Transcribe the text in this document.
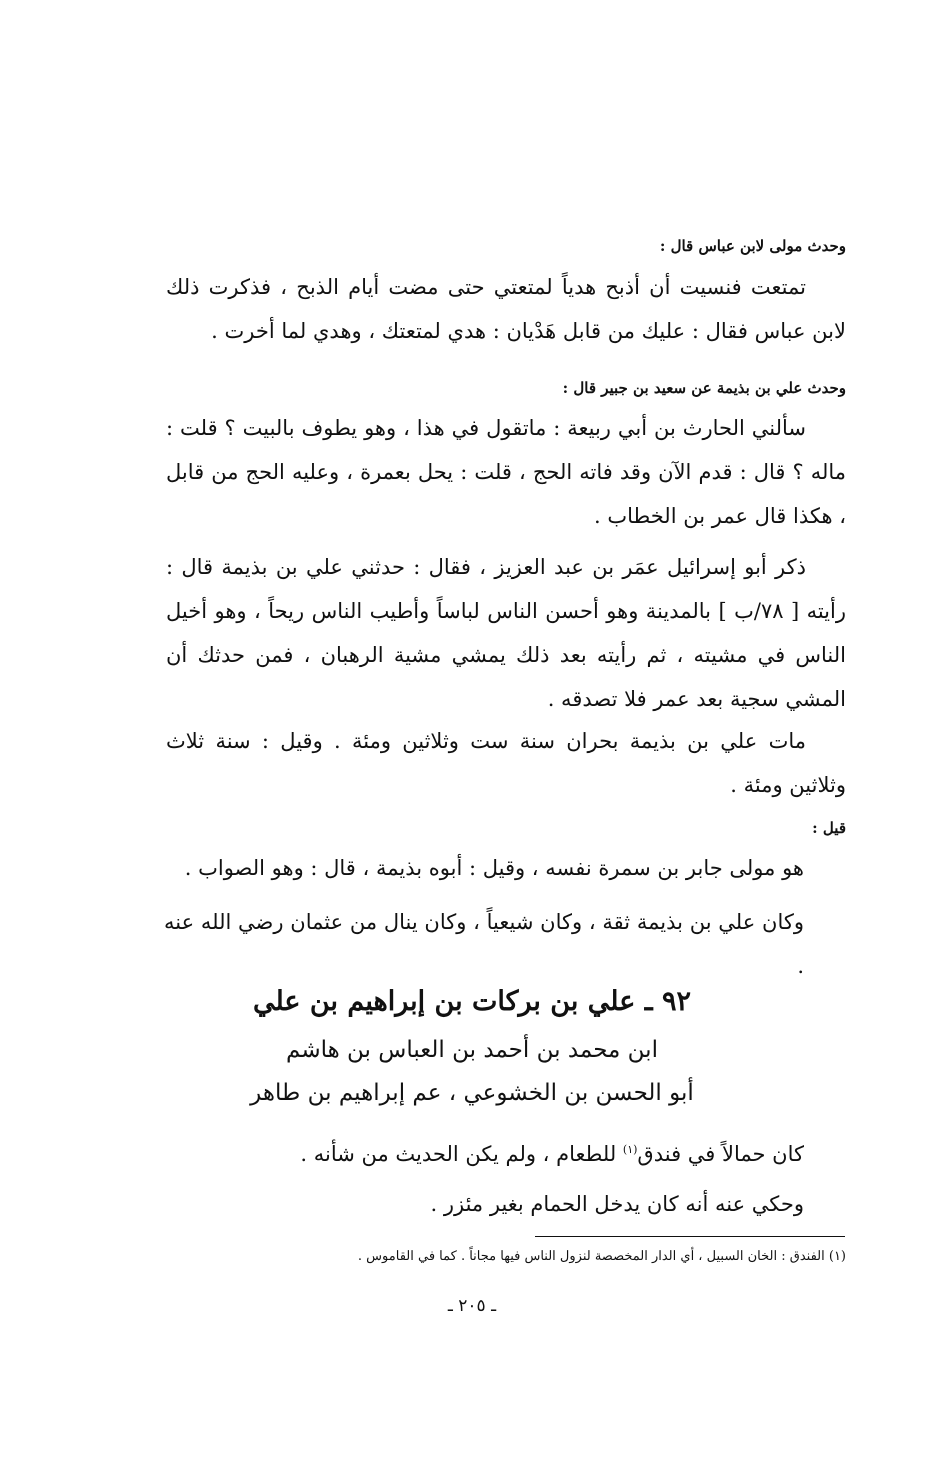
وحدث مولى لابن عباس قال :
تمتعت فنسيت أن أذبح هدياً لمتعتي حتى مضت أيام الذبح ، فذكرت ذلك لابن عباس فقال : عليك من قابل هَدْيان : هدي لمتعتك ، وهدي لما أخرت .
وحدث علي بن بذيمة عن سعيد بن جبير قال :
سألني الحارث بن أبي ربيعة : ماتقول في هذا ، وهو يطوف بالبيت ؟ قلت : ماله ؟ قال : قدم الآن وقد فاته الحج ، قلت : يحل بعمرة ، وعليه الحج من قابل ، هكذا قال عمر بن الخطاب .
ذكر أبو إسرائيل عمَر بن عبد العزيز ، فقال : حدثني علي بن بذيمة قال : رأيته [ ٧٨/ب ] بالمدينة وهو أحسن الناس لباساً وأطيب الناس ريحاً ، وهو أخيل الناس في مشيته ، ثم رأيته بعد ذلك يمشي مشية الرهبان ، فمن حدثك أن المشي سجية بعد عمر فلا تصدقه .
مات علي بن بذيمة بحران سنة ست وثلاثين ومئة . وقيل : سنة ثلاث وثلاثين ومئة .
قيل :
هو مولى جابر بن سمرة نفسه ، وقيل : أبوه بذيمة ، قال : وهو الصواب .
وكان علي بن بذيمة ثقة ، وكان شيعياً ، وكان ينال من عثمان رضي الله عنه .
٩٢ ـ علي بن بركات بن إبراهيم بن علي
ابن محمد بن أحمد بن العباس بن هاشم
أبو الحسن بن الخشوعي ، عم إبراهيم بن طاهر
كان حمالاً في فندق$^{(١)}$ للطعام ، ولم يكن الحديث من شأنه .
وحكي عنه أنه كان يدخل الحمام بغير مئزر .
(١) الفندق : الخان السبيل ، أي الدار المخصصة لنزول الناس فيها مجاناً . كما في القاموس .
ـ ٢٠٥ ـ
